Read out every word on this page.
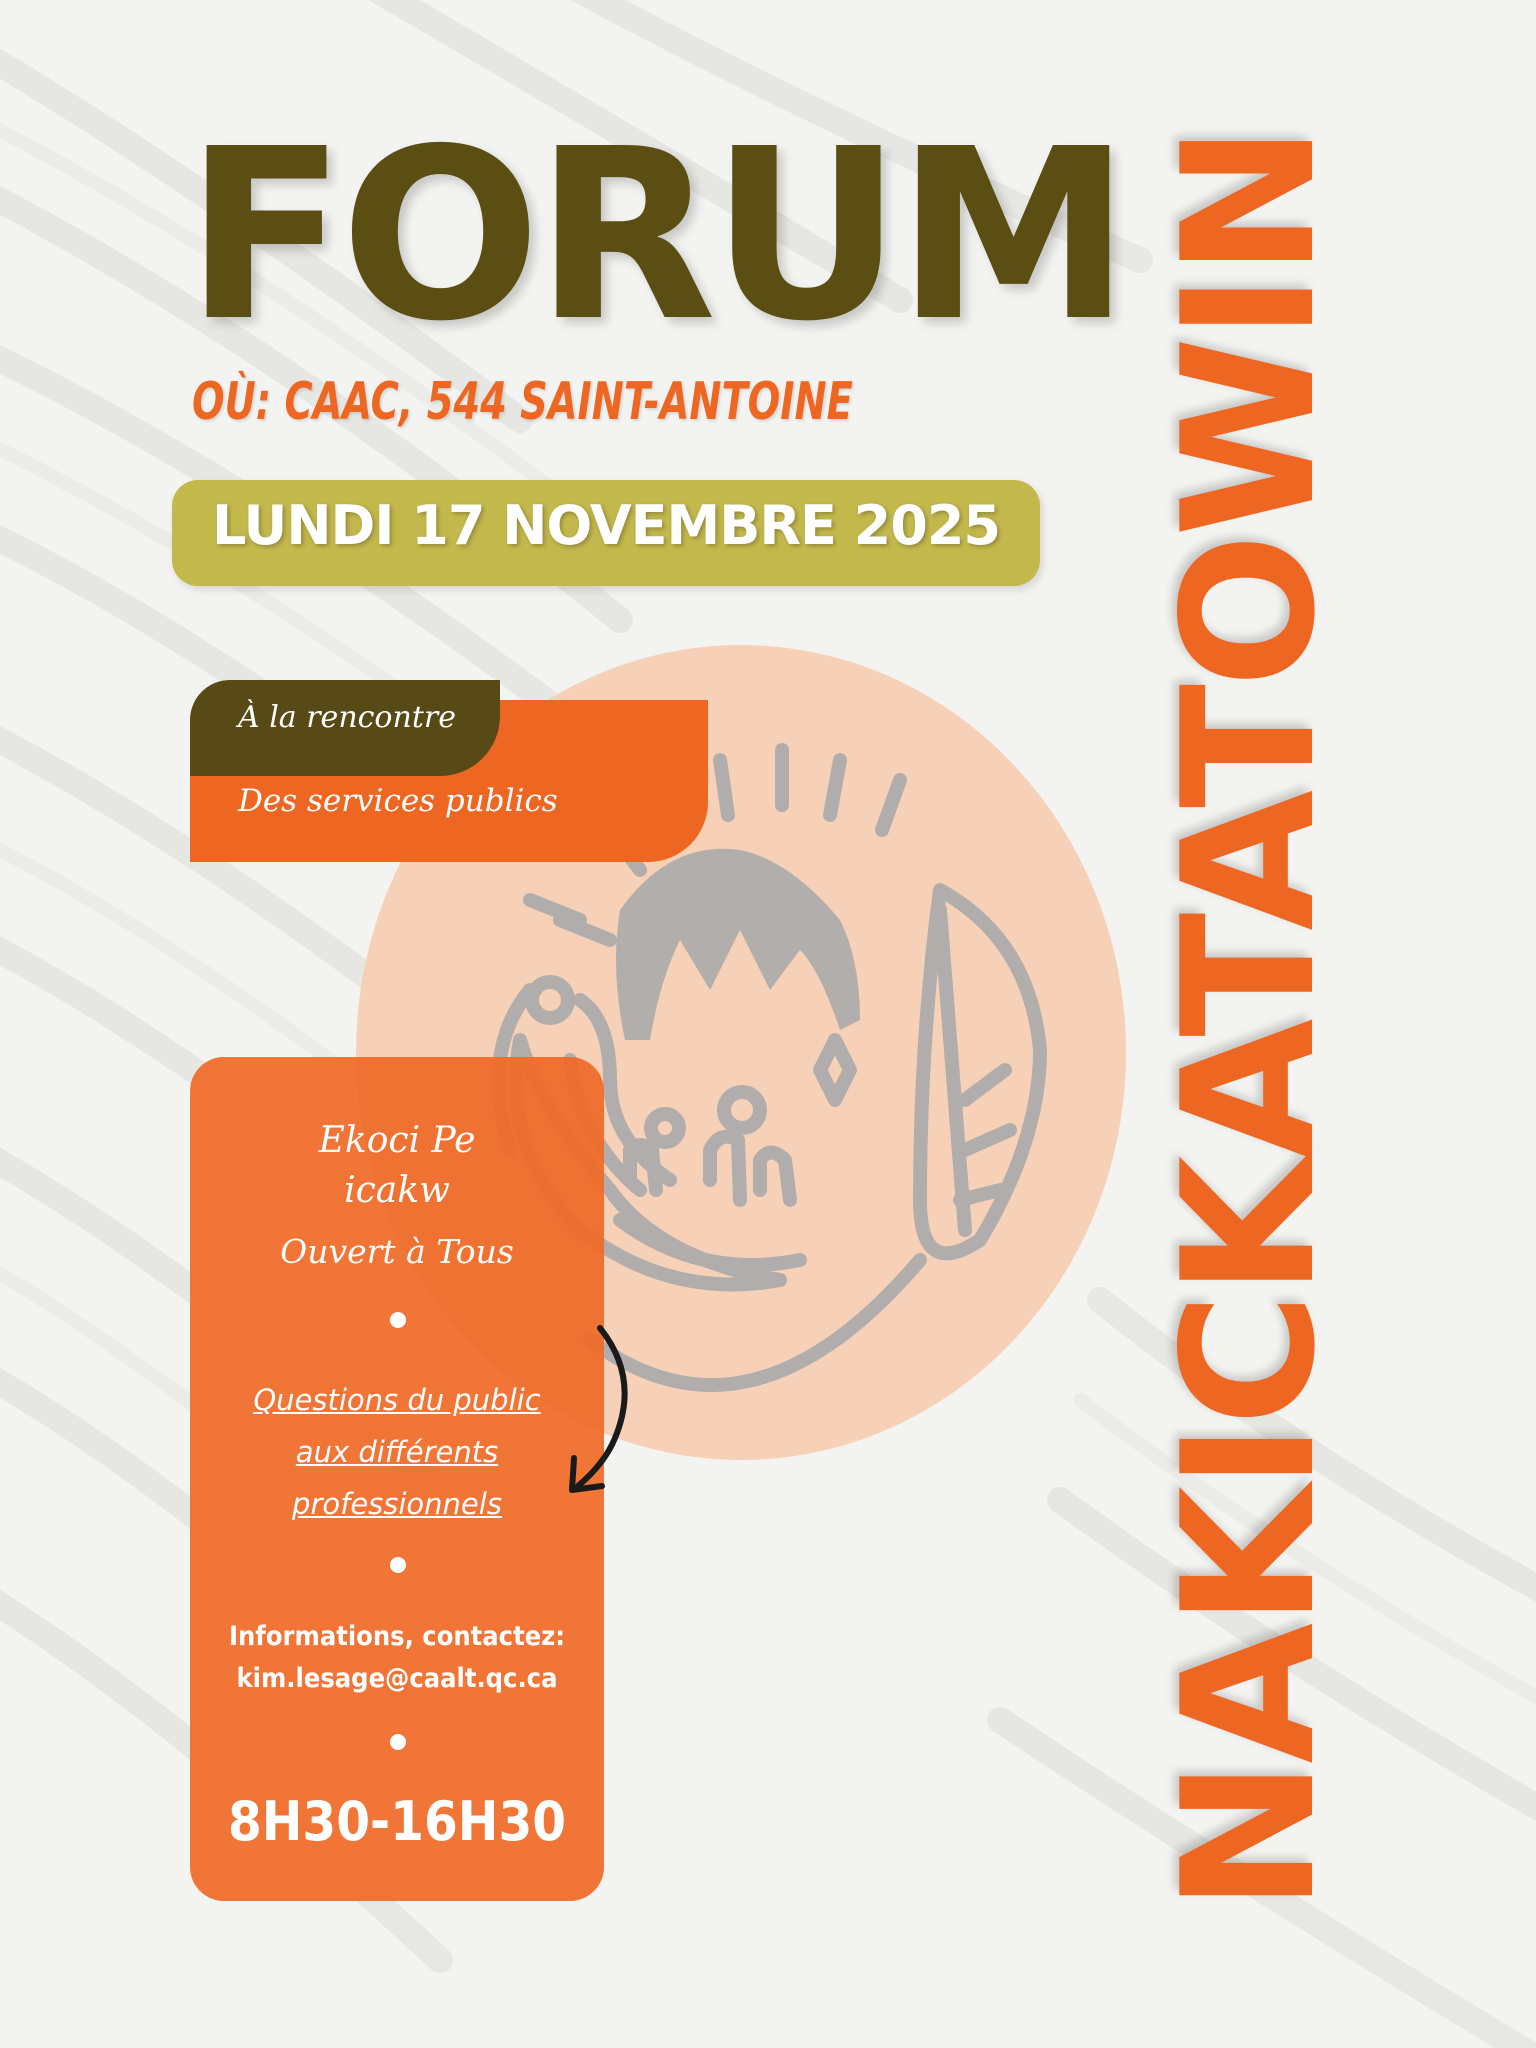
FORUM

OÙ: CAAC, 544 SAINT-ANTOINE

LUNDI 17 NOVEMBRE 2025
À la rencontre
Des services publics
Ekoci Pe
icakw
Ouvert à Tous
Questions du public
aux différents
professionnels
Informations, contactez:
kim.lesage@caalt.qc.ca
8H30-16H30	NAKICKATATOWIN
